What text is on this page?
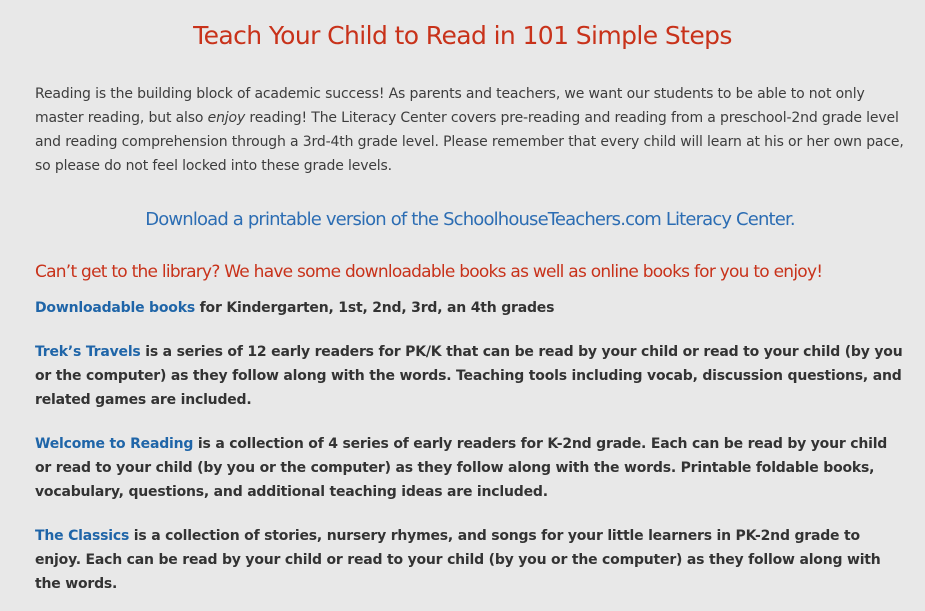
Teach Your Child to Read in 101 Simple Steps

Reading is the building block of academic success! As parents and teachers, we want our students to be able to not only master reading, but also enjoy reading! The Literacy Center covers pre-reading and reading from a preschool-2nd grade level and reading comprehension through a 3rd-4th grade level. Please remember that every child will learn at his or her own pace, so please do not feel locked into these grade levels.

Download a printable version of the SchoolhouseTeachers.com Literacy Center.

Can’t get to the library? We have some downloadable books as well as online books for you to enjoy!

Downloadable books for Kindergarten, 1st, 2nd, 3rd, an 4th grades

Trek’s Travels is a series of 12 early readers for PK/K that can be read by your child or read to your child (by you or the computer) as they follow along with the words. Teaching tools including vocab, discussion questions, and related games are included.

Welcome to Reading is a collection of 4 series of early readers for K-2nd grade. Each can be read by your child or read to your child (by you or the computer) as they follow along with the words. Printable foldable books, vocabulary, questions, and additional teaching ideas are included.

The Classics is a collection of stories, nursery rhymes, and songs for your little learners in PK-2nd grade to enjoy. Each can be read by your child or read to your child (by you or the computer) as they follow along with the words.
